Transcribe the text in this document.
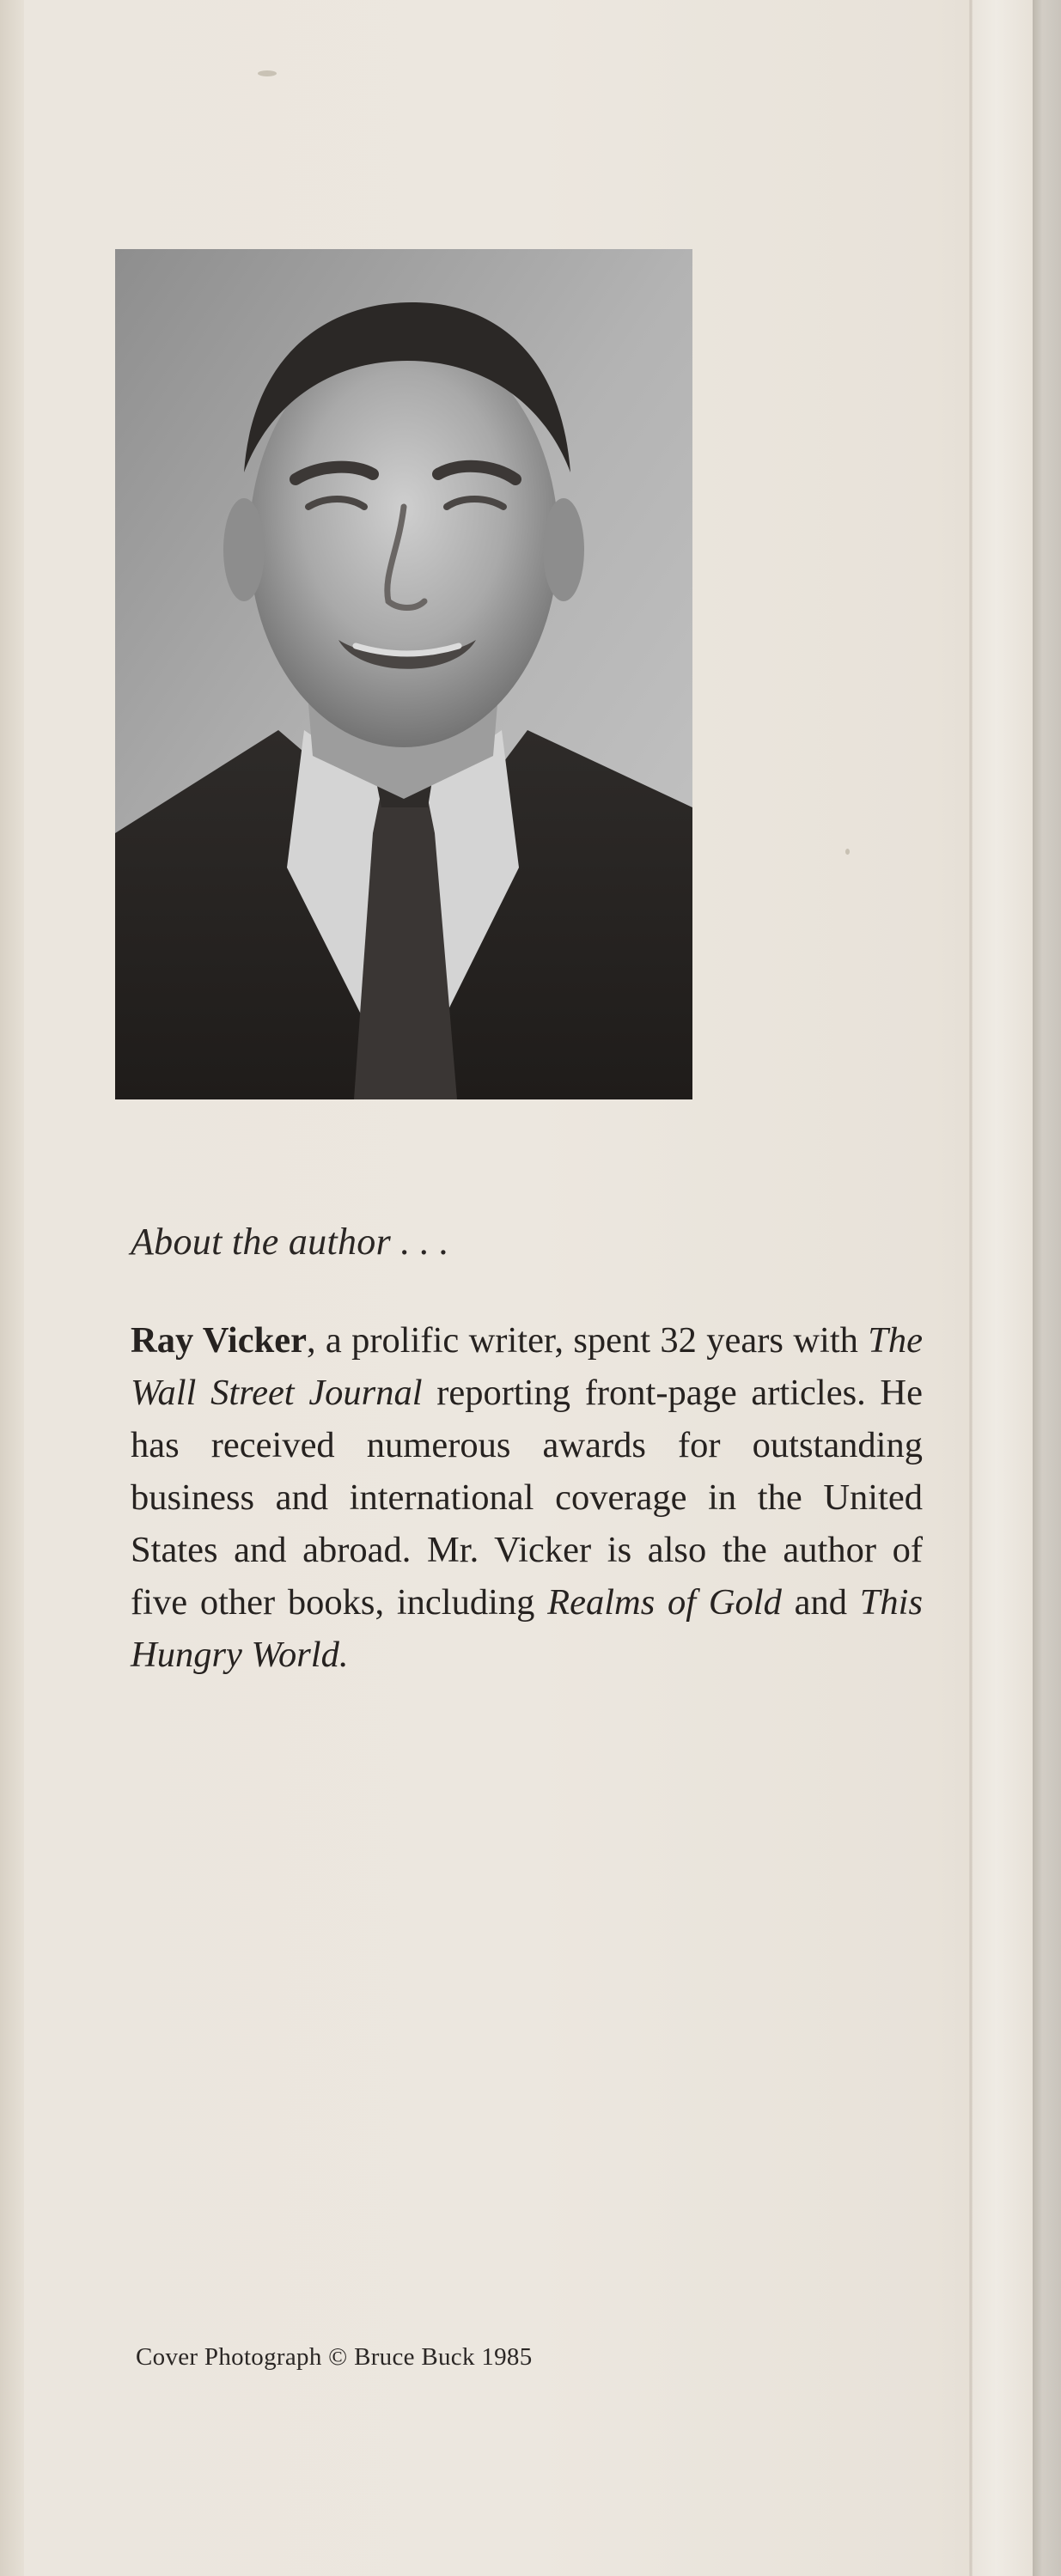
About the author . . .

Ray Vicker, a prolific writer, spent 32 years with The Wall Street Journal reporting front-page articles. He has received numerous awards for outstanding business and international coverage in the United States and abroad. Mr. Vicker is also the author of five other books, including Realms of Gold and This Hungry World.

Cover Photograph © Bruce Buck 1985
